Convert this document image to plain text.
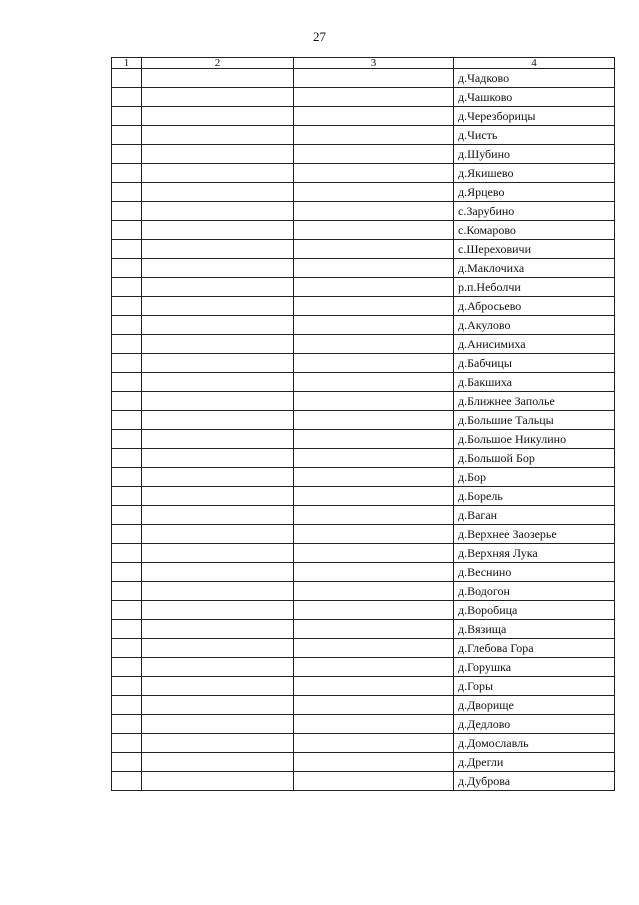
27
1	2	3	4
			д.Чадково
			д.Чашково
			д.Черезборицы
			д.Чисть
			д.Шубино
			д.Якишево
			д.Ярцево
			с.Зарубино
			с.Комарово
			с.Шереховичи
			д.Маклочиха
			р.п.Неболчи
			д.Абросьево
			д.Акулово
			д.Анисимиха
			д.Бабчицы
			д.Бакшиха
			д.Ближнее Заполье
			д.Большие Тальцы
			д.Большое Никулино
			д.Большой Бор
			д.Бор
			д.Борель
			д.Ваган
			д.Верхнее Заозерье
			д.Верхняя Лука
			д.Веснино
			д.Водогон
			д.Воробица
			д.Вязища
			д.Глебова Гора
			д.Горушка
			д.Горы
			д.Дворище
			д.Дедлово
			д.Домославль
			д.Дрегли
			д.Дуброва
